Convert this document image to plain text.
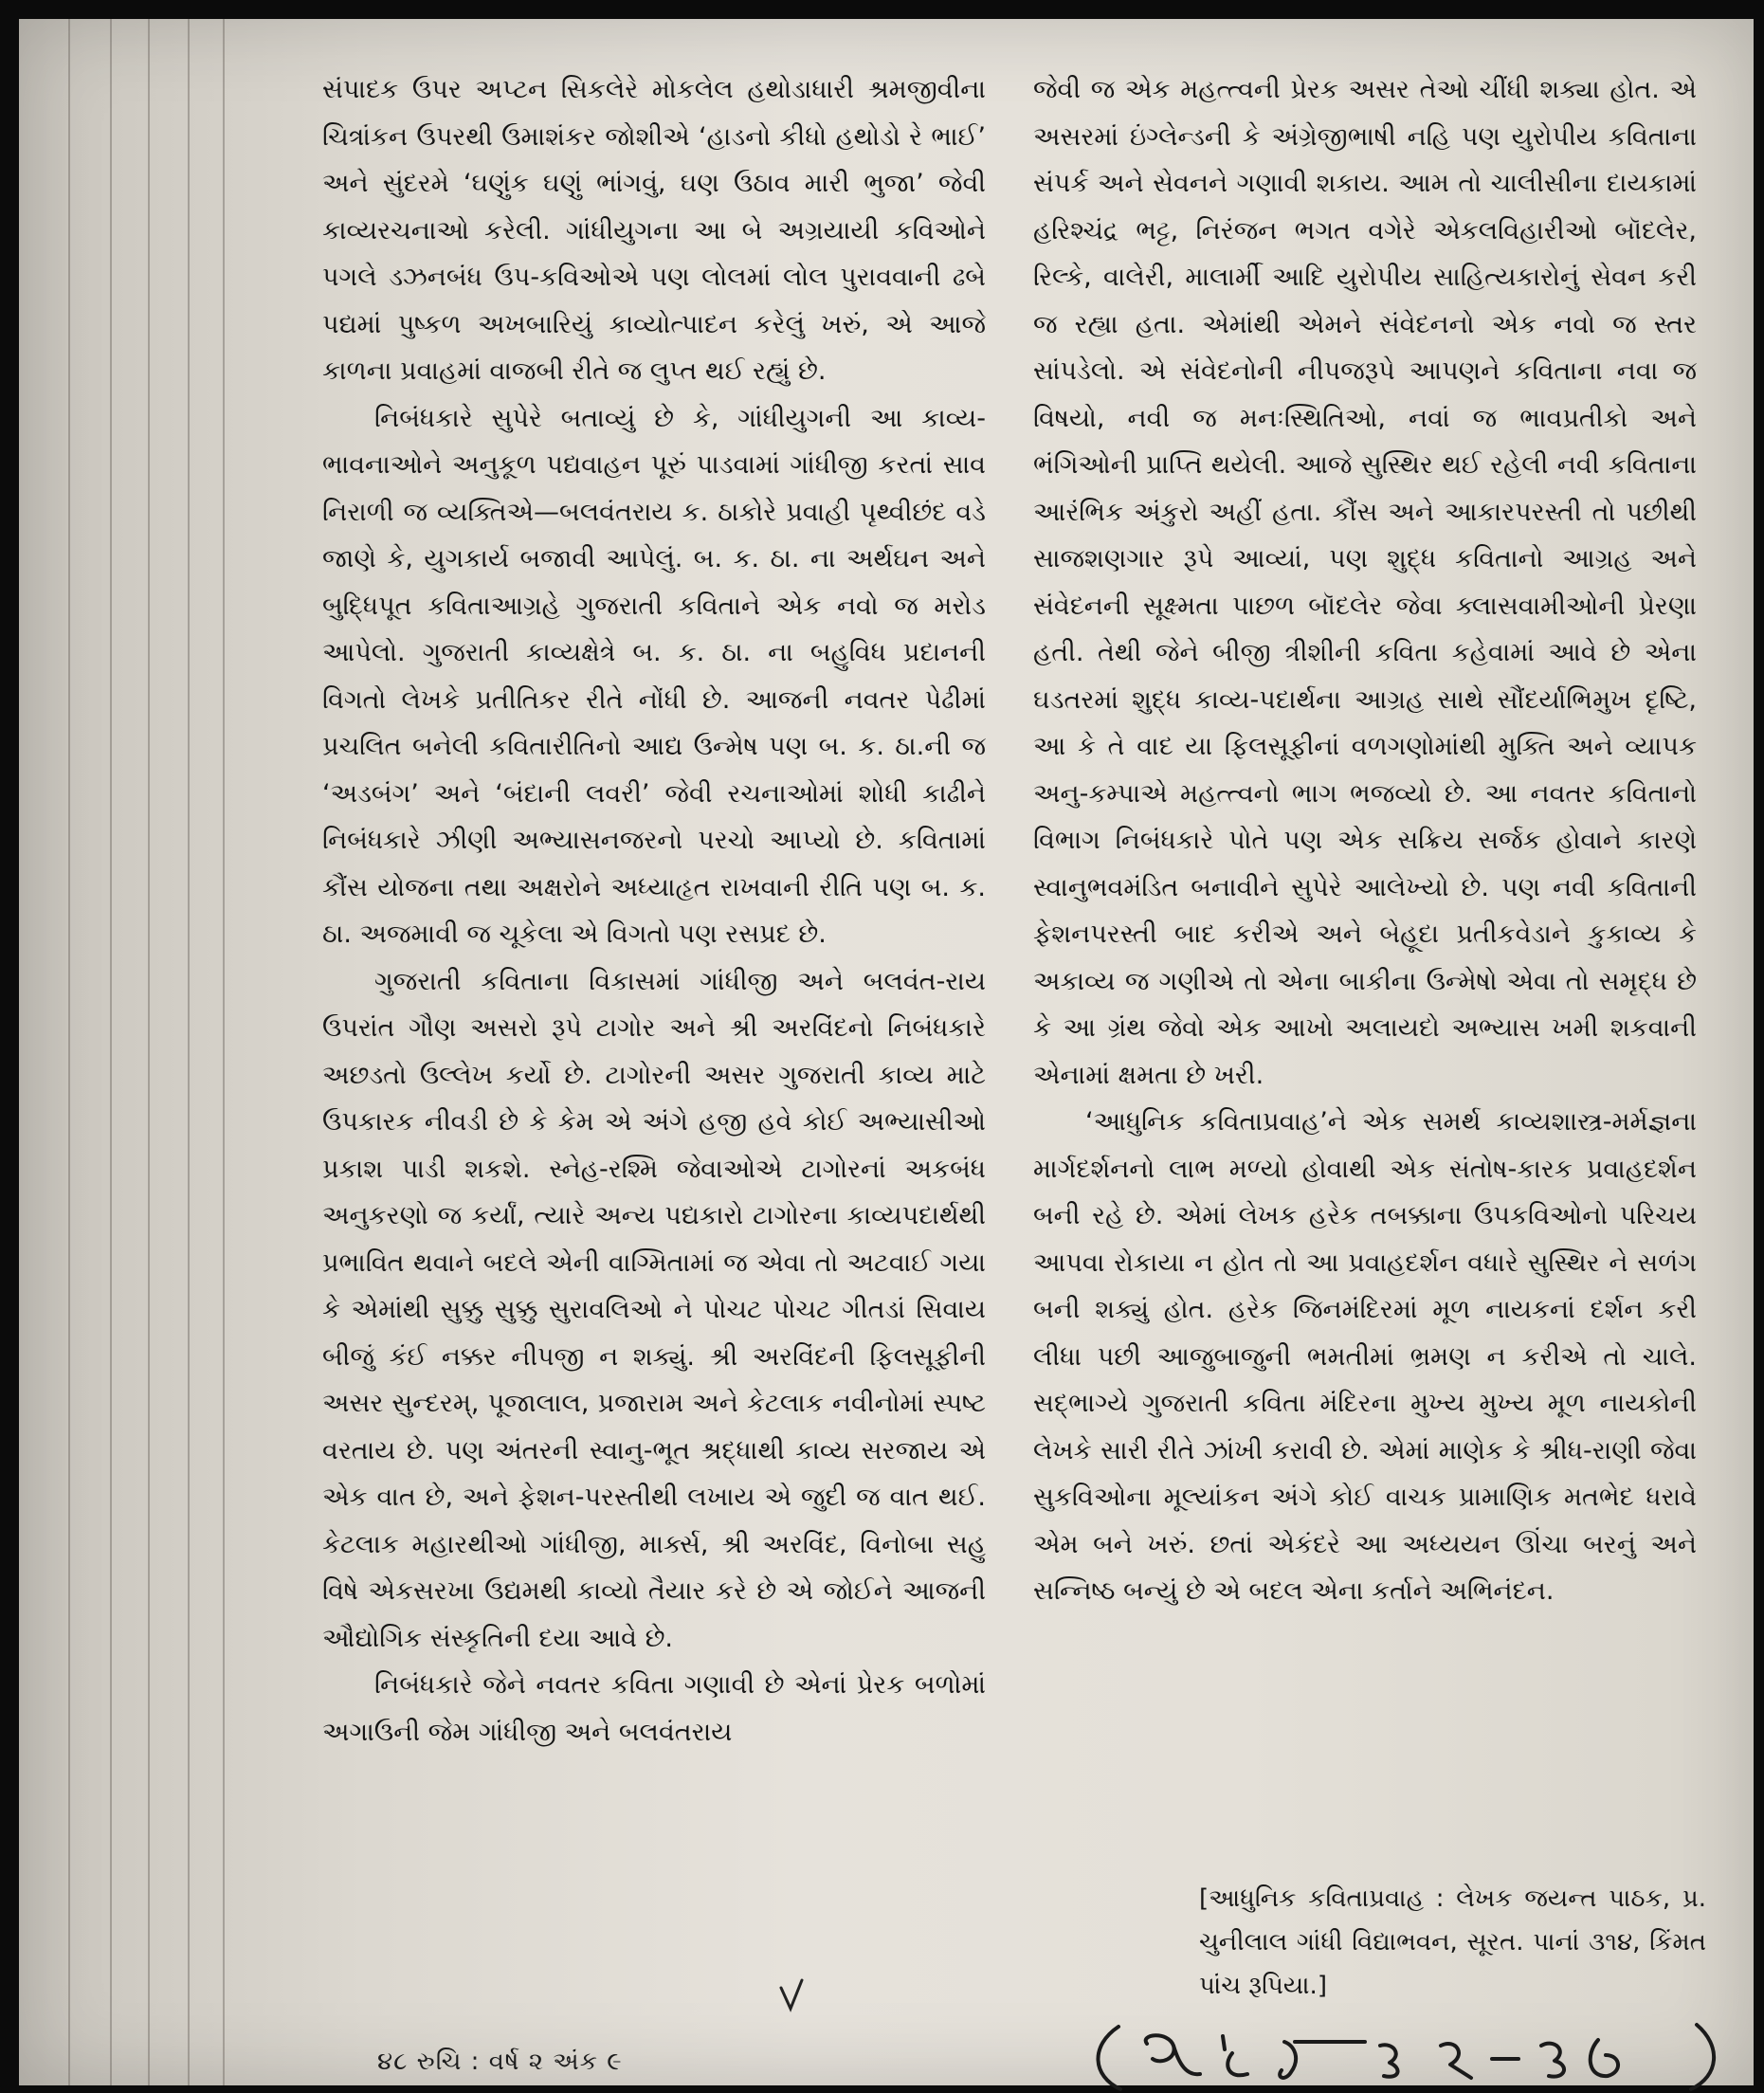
સંપાદક ઉપર અપ્ટન સિકલેરે મોકલેલ હથોડાધારી શ્રમજીવીના ચિત્રાંકન ઉપરથી ઉમાશંકર જોશીએ ‘હાડનો કીધો હથોડો રે ભાઈ’ અને સુંદરમે ‘ઘણુંક ઘણું ભાંગવું, ઘણ ઉઠાવ મારી ભુજા’ જેવી કાવ્યરચનાઓ કરેલી. ગાંધીયુગના આ બે અગ્રયાયી કવિઓને પગલે ડઝનબંધ ઉપ-કવિઓએ પણ લોલમાં લોલ પુરાવવાની ઢબે પદ્યમાં પુષ્કળ અખબારિયું કાવ્યોત્પાદન કરેલું ખરું, એ આજે કાળના પ્રવાહમાં વાજબી રીતે જ લુપ્ત થઈ રહ્યું છે.

નિબંધકારે સુપેરે બતાવ્યું છે કે, ગાંધીયુગની આ કાવ્ય-ભાવનાઓને અનુકૂળ પદ્યવાહન પૂરું પાડવામાં ગાંધીજી કરતાં સાવ નિરાળી જ વ્યક્તિએ—બલવંતરાય ક. ઠાકોરે પ્રવાહી પૃથ્વીછંદ વડે જાણે કે, યુગકાર્ય બજાવી આપેલું. બ. ક. ઠા. ના અર્થઘન અને બુદ્ધિપૂત કવિતાઆગ્રહે ગુજરાતી કવિતાને એક નવો જ મરોડ આપેલો. ગુજરાતી કાવ્યક્ષેત્રે બ. ક. ઠા. ના બહુવિધ પ્રદાનની વિગતો લેખકે પ્રતીતિકર રીતે નોંધી છે. આજની નવતર પેઢીમાં પ્રચલિત બનેલી કવિતારીતિનો આદ્ય ઉન્મેષ પણ બ. ક. ઠા.ની જ ‘અડબંગ’ અને ‘બંદાની લવરી’ જેવી રચનાઓમાં શોધી કાઢીને નિબંધકારે ઝીણી અભ્યાસનજરનો પરચો આપ્યો છે. કવિતામાં કૌંસ યોજના તથા અક્ષરોને અધ્યાહૃત રાખવાની રીતિ પણ બ. ક. ઠા. અજમાવી જ ચૂકેલા એ વિગતો પણ રસપ્રદ છે.

ગુજરાતી કવિતાના વિકાસમાં ગાંધીજી અને બલવંત-રાય ઉપરાંત ગૌણ અસરો રૂપે ટાગોર અને શ્રી અરવિંદનો નિબંધકારે અછડતો ઉલ્લેખ કર્યો છે. ટાગોરની અસર ગુજરાતી કાવ્ય માટે ઉપકારક નીવડી છે કે કેમ એ અંગે હજી હવે કોઈ અભ્યાસીઓ પ્રકાશ પાડી શકશે. સ્નેહ-રશ્મિ જેવાઓએ ટાગોરનાં અકબંધ અનુકરણો જ કર્યાં, ત્યારે અન્ય પદ્યકારો ટાગોરના કાવ્યપદાર્થથી પ્રભાવિત થવાને બદલે એની વાગ્મિતામાં જ એવા તો અટવાઈ ગયા કે એમાંથી સુક્કુ સુક્કુ સુરાવલિઓ ને પોચટ પોચટ ગીતડાં સિવાય બીજું કંઈ નક્કર નીપજી ન શક્યું. શ્રી અરવિંદની ફિલસૂફીની અસર સુન્દરમ્, પૂજાલાલ, પ્રજારામ અને કેટલાક નવીનોમાં સ્પષ્ટ વરતાય છે. પણ અંતરની સ્વાનુ-ભૂત શ્રદ્ધાથી કાવ્ય સરજાય એ એક વાત છે, અને ફેશન-પરસ્તીથી લખાય એ જુદી જ વાત થઈ. કેટલાક મહારથીઓ ગાંધીજી, માર્ક્સ, શ્રી અરવિંદ, વિનોબા સહુ વિષે એકસરખા ઉદ્યમથી કાવ્યો તૈયાર કરે છે એ જોઈને આજની ઔદ્યોગિક સંસ્કૃતિની દયા આવે છે.

નિબંધકારે જેને નવતર કવિતા ગણાવી છે એનાં પ્રેરક બળોમાં અગાઉની જેમ ગાંધીજી અને બલવંતરાય

જેવી જ એક મહત્ત્વની પ્રેરક અસર તેઓ ચીંધી શક્યા હોત. એ અસરમાં ઇંગ્લેન્ડની કે અંગ્રેજીભાષી નહિ પણ યુરોપીય કવિતાના સંપર્ક અને સેવનને ગણાવી શકાય. આમ તો ચાલીસીના દાયકામાં હરિશ્ચંદ્ર ભટ્ટ, નિરંજન ભગત વગેરે એકલવિહારીઓ બૉદલેર, રિલ્કે, વાલેરી, માલાર્મી આદિ યુરોપીય સાહિત્યકારોનું સેવન કરી જ રહ્યા હતા. એમાંથી એમને સંવેદનનો એક નવો જ સ્તર સાંપડેલો. એ સંવેદનોની નીપજરૂપે આપણને કવિતાના નવા જ વિષયો, નવી જ મનઃસ્થિતિઓ, નવાં જ ભાવપ્રતીકો અને ભંગિઓની પ્રાપ્તિ થયેલી. આજે સુસ્થિર થઈ રહેલી નવી કવિતાના આરંભિક અંકુરો અહીં હતા. કૌંસ અને આકારપરસ્તી તો પછીથી સાજશણગાર રૂપે આવ્યાં, પણ શુદ્ધ કવિતાનો આગ્રહ અને સંવેદનની સૂક્ષ્મતા પાછળ બૉદલેર જેવા ક્લાસવામીઓની પ્રેરણા હતી. તેથી જેને બીજી ત્રીશીની કવિતા કહેવામાં આવે છે એના ઘડતરમાં શુદ્ધ કાવ્ય-પદાર્થના આગ્રહ સાથે સૌંદર્યાભિમુખ દૃષ્ટિ, આ કે તે વાદ યા ફિલસૂફીનાં વળગણોમાંથી મુક્તિ અને વ્યાપક અનુ-કમ્પાએ મહત્ત્વનો ભાગ ભજવ્યો છે. આ નવતર કવિતાનો વિભાગ નિબંધકારે પોતે પણ એક સક્રિય સર્જક હોવાને કારણે સ્વાનુભવમંડિત બનાવીને સુપેરે આલેખ્યો છે. પણ નવી કવિતાની ફેશનપરસ્તી બાદ કરીએ અને બેહૂદા પ્રતીકવેડાને કુકાવ્ય કે અકાવ્ય જ ગણીએ તો એના બાકીના ઉન્મેષો એવા તો સમૃદ્ધ છે કે આ ગ્રંથ જેવો એક આખો અલાયદો અભ્યાસ ખમી શકવાની એનામાં ક્ષમતા છે ખરી.

‘આધુનિક કવિતાપ્રવાહ’ને એક સમર્થ કાવ્યશાસ્ત્ર-મર્મજ્ઞના માર્ગદર્શનનો લાભ મળ્યો હોવાથી એક સંતોષ-કારક પ્રવાહદર્શન બની રહે છે. એમાં લેખક હરેક તબક્કાના ઉપકવિઓનો પરિચય આપવા રોકાયા ન હોત તો આ પ્રવાહદર્શન વધારે સુસ્થિર ને સળંગ બની શક્યું હોત. હરેક જિનમંદિરમાં મૂળ નાયકનાં દર્શન કરી લીધા પછી આજુબાજુની ભમતીમાં ભ્રમણ ન કરીએ તો ચાલે. સદ્ભાગ્યે ગુજરાતી કવિતા મંદિરના મુખ્ય મુખ્ય મૂળ નાયકોની લેખકે સારી રીતે ઝાંખી કરાવી છે. એમાં માણેક કે શ્રીધ-રાણી જેવા સુકવિઓના મૂલ્યાંકન અંગે કોઈ વાચક પ્રામાણિક મતભેદ ધરાવે એમ બને ખરું. છતાં એકંદરે આ અધ્યયન ઊંચા બરનું અને સન્નિષ્ઠ બન્યું છે એ બદલ એના કર્તાને અભિનંદન.

[આધુનિક કવિતાપ્રવાહ : લેખક જયન્ત પાઠક, પ્ર. ચુનીલાલ ગાંધી વિદ્યાભવન, સૂરત. પાનાં ૩૧૪, કિંમત પાંચ રૂપિયા.]
૪૮ રુચિ : વર્ષ ૨ અંક ૯
